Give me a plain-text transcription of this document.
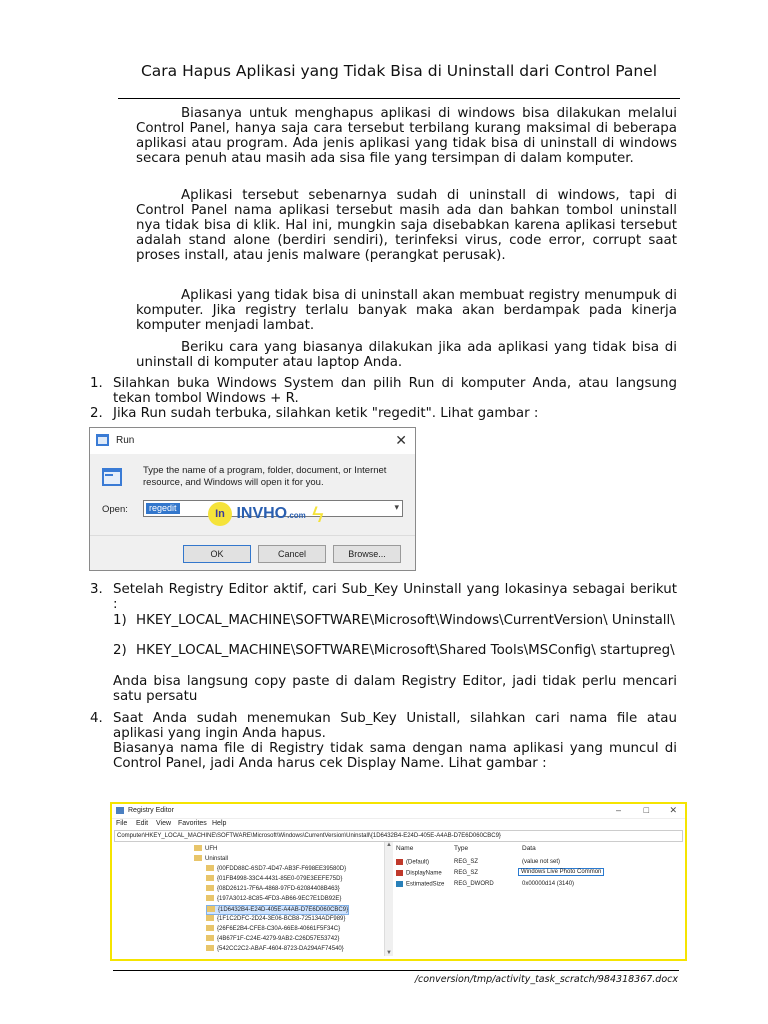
Cara Hapus Aplikasi yang Tidak Bisa di Uninstall dari Control Panel
Biasanya untuk menghapus aplikasi di windows bisa dilakukan melalui Control Panel, hanya saja cara tersebut terbilang kurang maksimal di beberapa aplikasi atau program. Ada jenis aplikasi yang tidak bisa di uninstall di windows secara penuh atau masih ada sisa file yang tersimpan di dalam komputer.
Aplikasi tersebut sebenarnya sudah di uninstall di windows, tapi di Control Panel nama aplikasi tersebut masih ada dan bahkan tombol uninstall nya tidak bisa di klik. Hal ini, mungkin saja disebabkan karena aplikasi tersebut adalah stand alone (berdiri sendiri), terinfeksi virus, code error, corrupt saat proses install, atau jenis malware (perangkat perusak).
Aplikasi yang tidak bisa di uninstall akan membuat registry menumpuk di komputer. Jika registry terlalu banyak maka akan berdampak pada kinerja komputer menjadi lambat.
Beriku cara yang biasanya dilakukan jika ada aplikasi yang tidak bisa di uninstall di komputer atau laptop Anda.
1. Silahkan buka Windows System dan pilih Run di komputer Anda, atau langsung tekan tombol Windows + R.
2. Jika Run sudah terbuka, silahkan ketik "regedit". Lihat gambar :
Run	✕
Type the name of a program, folder, document, or Internet resource, and Windows will open it for you.
Open:	regedit	▾
In INVHO.com ϟ
OK	Cancel	Browse...
3. Setelah Registry Editor aktif, cari Sub_Key Uninstall yang lokasinya sebagai berikut :
1) HKEY_LOCAL_MACHINE\SOFTWARE\Microsoft\Windows\CurrentVersion\ Uninstall\
2) HKEY_LOCAL_MACHINE\SOFTWARE\Microsoft\Shared Tools\MSConfig\ startupreg\
Anda bisa langsung copy paste di dalam Registry Editor, jadi tidak perlu mencari satu persatu
4. Saat Anda sudah menemukan Sub_Key Unistall, silahkan cari nama file atau aplikasi yang ingin Anda hapus.
Biasanya nama file di Registry tidak sama dengan nama aplikasi yang muncul di Control Panel, jadi Anda harus cek Display Name. Lihat gambar :
Registry Editor	–	□ ✕
File Edit View Favorites Help
Computer\HKEY_LOCAL_MACHINE\SOFTWARE\Microsoft\Windows\CurrentVersion\Uninstall\{1D6432B4-E24D-405E-A4AB-D7E6D060CBC9}
UFH
Uninstall
{00FDD88C-6SD7-4D47-AB3F-F698EE39580D}
{01FB4998-33C4-4431-85E0-079E3EEFE75D}
{08D26121-7F6A-4868-97FD-62084408B463}
{197A3012-8C85-4FD3-AB66-9EC7E1DB92E}
{1D6432B4-E24D-405E-A4AB-D7E6D060CBC9}
{1F1C2DFC-2D24-3E06-BCB8-725134ADF989}
{26F6E2B4-CFE8-C30A-66E8-40661F5F34C}
{4B67F1F-C24E-4279-9AB2-C26D57E53742}
{542CC2C2-ABAF-4604-8723-DA294AF74540}
▲
▼
Name	Type	Data
(Default)	REG_SZ	(value not set)
DisplayName REG_SZ	Windows Live Photo Common
EstimatedSize REG_DWORD	0x00000d14 (3140)
/conversion/tmp/activity_task_scratch/984318367.docx
